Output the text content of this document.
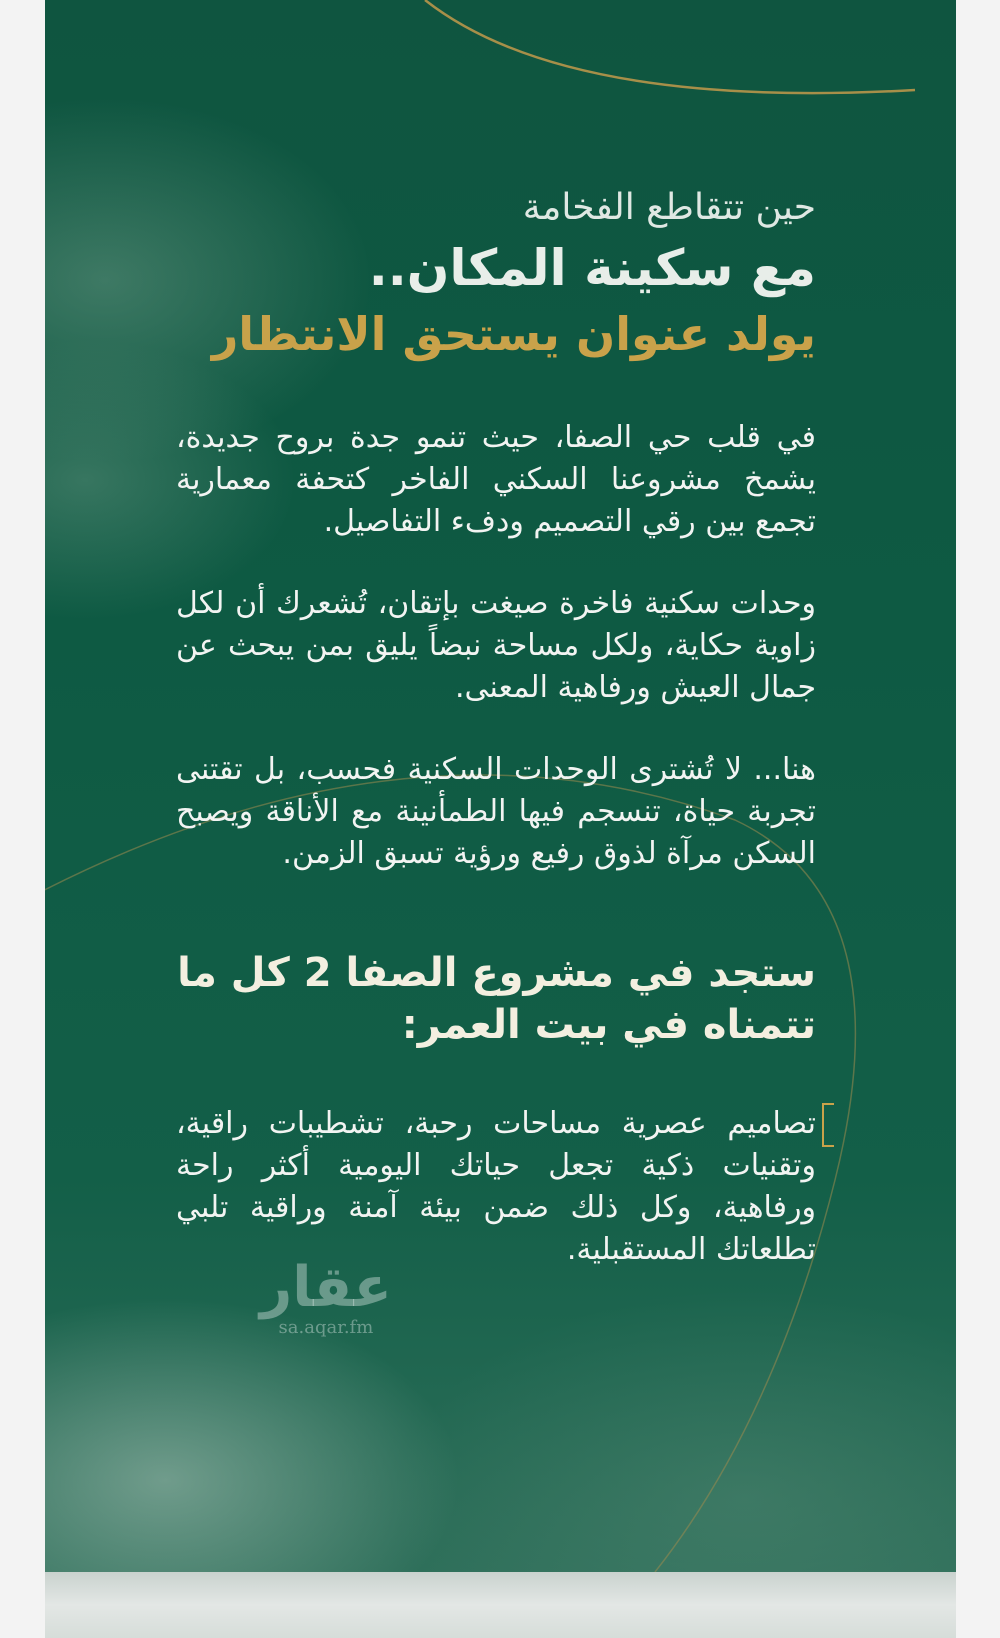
حين تتقاطع الفخامة
مع سكينة المكان..
يولد عنوان يستحق الانتظار
في قلب حي الصفا، حيث تنمو جدة بروح جديدة، يشمخ مشروعنا السكني الفاخر كتحفة معمارية تجمع بين رقي التصميم ودفء التفاصيل.
وحدات سكنية فاخرة صيغت بإتقان، تُشعرك أن لكل زاوية حكاية، ولكل مساحة نبضاً يليق بمن يبحث عن جمال العيش ورفاهية المعنى.
هنا... لا تُشترى الوحدات السكنية فحسب، بل تقتنى تجربة حياة، تنسجم فيها الطمأنينة مع الأناقة ويصبح السكن مرآة لذوق رفيع ورؤية تسبق الزمن.
ستجد في مشروع الصفا 2 كل ما تتمناه في بيت العمر:
تصاميم عصرية مساحات رحبة، تشطيبات راقية، وتقنيات ذكية تجعل حياتك اليومية أكثر راحة ورفاهية، وكل ذلك ضمن بيئة آمنة وراقية تلبي تطلعاتك المستقبلية.
عقار
sa.aqar.fm
